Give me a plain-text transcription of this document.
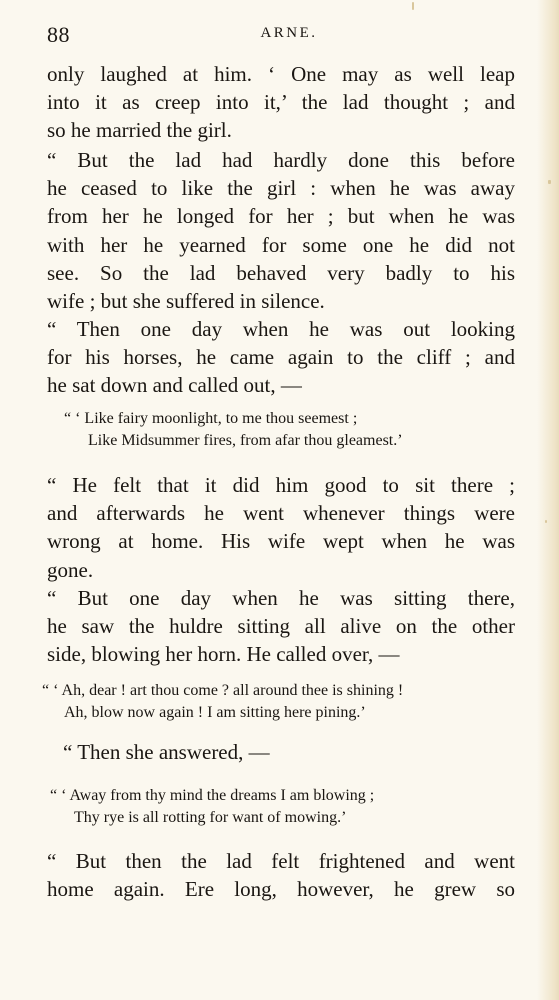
88	ARNE.
only laughed at him. ‘ One may as well leap
into it as creep into it,’ the lad thought ; and
so he married the girl.
“ But the lad had hardly done this before
he ceased to like the girl : when he was away
from her he longed for her ; but when he was
with her he yearned for some one he did not
see. So the lad behaved very badly to his
wife ; but she suffered in silence.
“ Then one day when he was out looking
for his horses, he came again to the cliff ; and
he sat down and called out, —
“ ‘ Like fairy moonlight, to me thou seemest ;
Like Midsummer fires, from afar thou gleamest.’
“ He felt that it did him good to sit there ;
and afterwards he went whenever things were
wrong at home. His wife wept when he was
gone.
“ But one day when he was sitting there,
he saw the huldre sitting all alive on the other
side, blowing her horn. He called over, —
“ ‘ Ah, dear ! art thou come ? all around thee is shining !
Ah, blow now again ! I am sitting here pining.’
“ Then she answered, —
“ ‘ Away from thy mind the dreams I am blowing ;
Thy rye is all rotting for want of mowing.’
“ But then the lad felt frightened and went
home again. Ere long, however, he grew so
